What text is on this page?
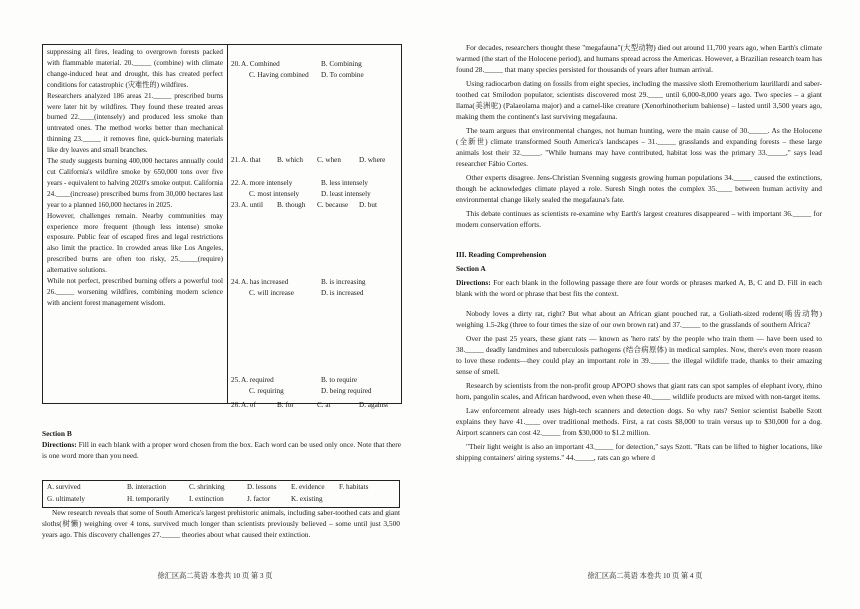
suppressing all fires, leading to overgrown forests packed with flammable material. 20._____ (combine) with climate change-induced heat and drought, this has created perfect conditions for catastrophic (灾难性的) wildfires.

Researchers analyzed 186 areas 21._____ prescribed burns were later hit by wildfires. They found these treated areas burned 22.____(intensely) and produced less smoke than untreated ones. The method works better than mechanical thinning 23._____ it removes fine, quick-burning materials like dry leaves and small branches.

The study suggests burning 400,000 hectares annually could cut California's wildfire smoke by 650,000 tons over five years - equivalent to halving 2020's smoke output. California 24.____(increase) prescribed burns from 30,000 hectares last year to a planned 160,000 hectares in 2025.

However, challenges remain. Nearby communities may experience more frequent (though less intense) smoke exposure. Public fear of escaped fires and legal restrictions also limit the practice. In crowded areas like Los Angeles, prescribed burns are often too risky, 25._____(require) alternative solutions.

While not perfect, prescribed burning offers a powerful tool 26._____ worsening wildfires, combining modern science with ancient forest management wisdom.

20. A. Combined	B. Combining
C. Having combined	D. To combine
21. A. that	B. which	C. when	D. where
22. A. more intensely	B. less intensely
C. most intensely	D. least intensely
23. A. until	B. though	C. because	D. but
24. A. has increased	B. is increasing
C. will increase	D. is increased
25. A. required	B. to require
C. requiring	D. being required
26. A. of	B. for	C. at	D. against

Section B

Directions: Fill in each blank with a proper word chosen from the box. Each word can be used only once. Note that there is one word more than you need.

A. survived	B. interaction	C. shrinking	D. lessons E. evidence F. habitats
G. ultimately	H. temporarily	I. extinction	J. factor	K. existing
New research reveals that some of South America's largest prehistoric animals, including saber-toothed cats and giant sloths(树懒) weighing over 4 tons, survived much longer than scientists previously believed – some until just 3,500 years ago. This discovery challenges 27._____ theories about what caused their extinction.
徐汇区高二英语 本卷共 10 页 第 3 页

For decades, researchers thought these "megafauna"(大型动物) died out around 11,700 years ago, when Earth's climate warmed (the start of the Holocene period), and humans spread across the Americas. However, a Brazilian research team has found 28._____ that many species persisted for thousands of years after human arrival.

Using radiocarbon dating on fossils from eight species, including the massive sloth Eremotherium laurillardi and saber-toothed cat Smilodon populator, scientists discovered most 29.____ until 6,000-8,000 years ago. Two species – a giant llama(美洲驼) (Palaeolama major) and a camel-like creature (Xenorhinotherium bahiense) – lasted until 3,500 years ago, making them the continent's last surviving megafauna.

The team argues that environmental changes, not human hunting, were the main cause of 30._____. As the Holocene (全新世) climate transformed South America's landscapes – 31._____ grasslands and expanding forests – these large animals lost their 32._____. "While humans may have contributed, habitat loss was the primary 33._____," says lead researcher Fábio Cortes.

Other experts disagree. Jens-Christian Svenning suggests growing human populations 34._____ caused the extinctions, though he acknowledges climate played a role. Suresh Singh notes the complex 35.____ between human activity and environmental change likely sealed the megafauna's fate.

This debate continues as scientists re-examine why Earth's largest creatures disappeared – with important 36._____ for modern conservation efforts.

III. Reading Comprehension

Section A

Directions: For each blank in the following passage there are four words or phrases marked A, B, C and D. Fill in each blank with the word or phrase that best fits the context.

Nobody loves a dirty rat, right? But what about an African giant pouched rat, a Goliath-sized rodent(啮齿动物) weighing 1.5-2kg (three to four times the size of our own brown rat) and 37._____ to the grasslands of southern Africa?

Over the past 25 years, these giant rats — known as 'hero rats' by the people who train them — have been used to 38._____ deadly landmines and tuberculosis pathogens (结合病原体) in medical samples. Now, there's even more reason to love these rodents—they could play an important role in 39._____ the illegal wildlife trade, thanks to their amazing sense of smell.

Research by scientists from the non-profit group APOPO shows that giant rats can spot samples of elephant ivory, rhino horn, pangolin scales, and African hardwood, even when these 40._____ wildlife products are mixed with non-target items.

Law enforcement already uses high-tech scanners and detection dogs. So why rats? Senior scientist Isabelle Szott explains they have 41.____ over traditional methods. First, a rat costs $8,000 to train versus up to $30,000 for a dog. Airport scanners can cost 42._____ from $30,000 to $1.2 million.

"Their light weight is also an important 43._____ for detection," says Szott. "Rats can be lifted to higher locations, like shipping containers' airing systems." 44._____, rats can go where d

徐汇区高二英语 本卷共 10 页 第 4 页
